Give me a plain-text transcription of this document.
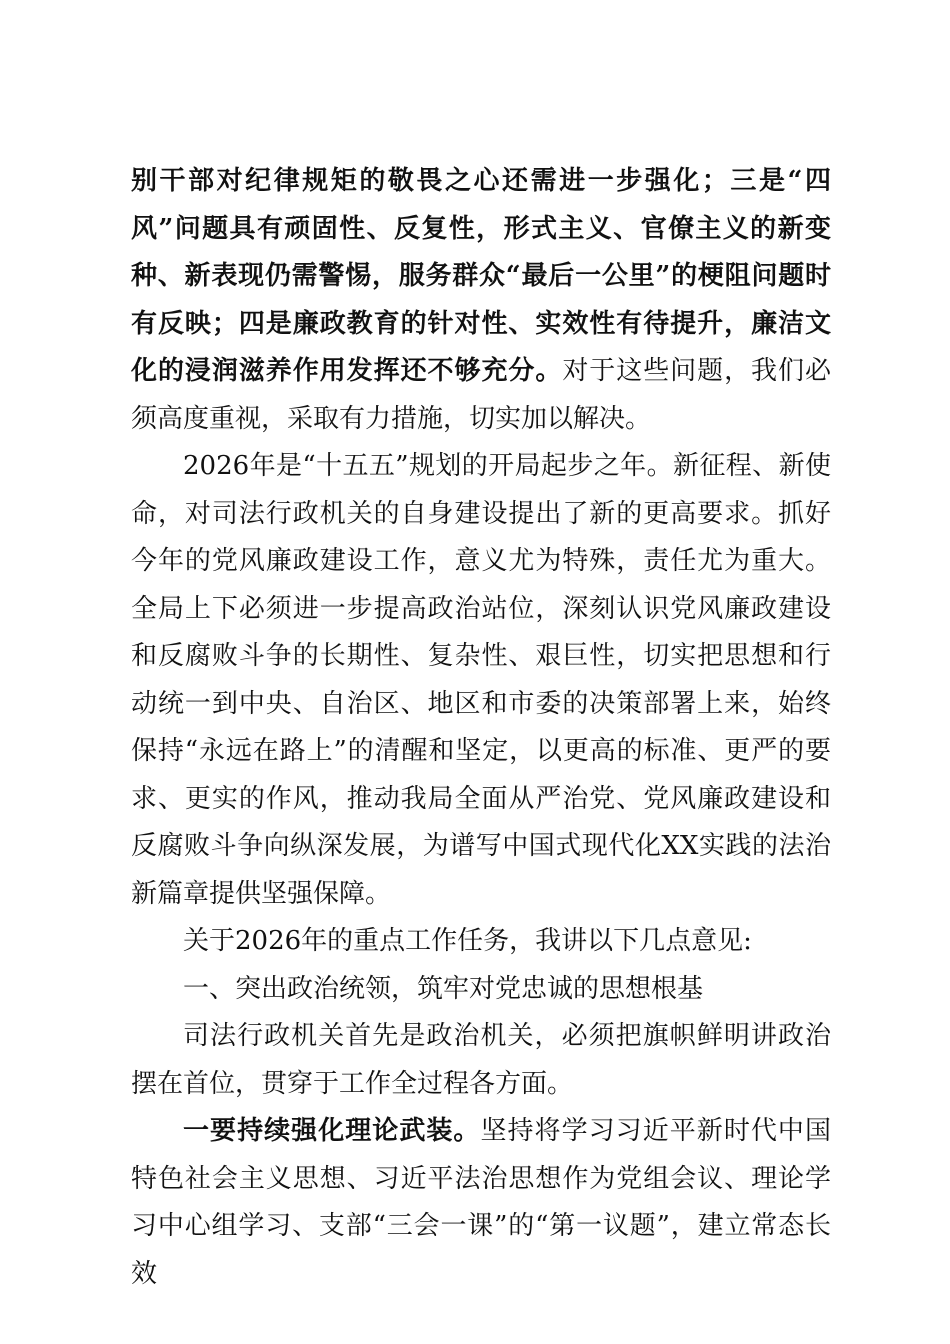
别干部对纪律规矩的敬畏之心还需进一步强化；三是“四风”问题具有顽固性、反复性，形式主义、官僚主义的新变种、新表现仍需警惕，服务群众“最后一公里”的梗阻问题时有反映；四是廉政教育的针对性、实效性有待提升，廉洁文化的浸润滋养作用发挥还不够充分。对于这些问题，我们必须高度重视，采取有力措施，切实加以解决。

2026年是“十五五”规划的开局起步之年。新征程、新使命，对司法行政机关的自身建设提出了新的更高要求。抓好今年的党风廉政建设工作，意义尤为特殊，责任尤为重大。全局上下必须进一步提高政治站位，深刻认识党风廉政建设和反腐败斗争的长期性、复杂性、艰巨性，切实把思想和行动统一到中央、自治区、地区和市委的决策部署上来，始终保持“永远在路上”的清醒和坚定，以更高的标准、更严的要求、更实的作风，推动我局全面从严治党、党风廉政建设和反腐败斗争向纵深发展，为谱写中国式现代化XX实践的法治新篇章提供坚强保障。

关于2026年的重点工作任务，我讲以下几点意见:

一、突出政治统领，筑牢对党忠诚的思想根基

司法行政机关首先是政治机关，必须把旗帜鲜明讲政治摆在首位，贯穿于工作全过程各方面。

一要持续强化理论武装。坚持将学习习近平新时代中国特色社会主义思想、习近平法治思想作为党组会议、理论学习中心组学习、支部“三会一课”的“第一议题”，建立常态长效
